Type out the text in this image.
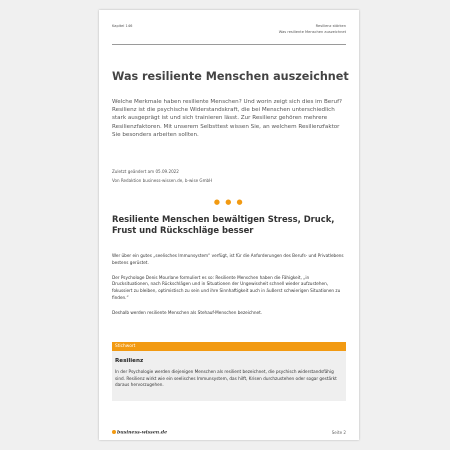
Kapitel 146	Resilienz stärken
Was resiliente Menschen auszeichnet
Was resiliente Menschen auszeichnet

Welche Merkmale haben resiliente Menschen? Und worin zeigt sich dies im Beruf? Resilienz ist die psychische Widerstandskraft, die bei Menschen unterschiedlich stark ausgeprägt ist und sich trainieren lässt. Zur Resilienz gehören mehrere Resilienzfaktoren. Mit unserem Selbsttest wissen Sie, an welchem Resilienzfaktor Sie besonders arbeiten sollten.

Zuletzt geändert am 05.09.2022
Von Redaktion business-wissen.de, b-wise GmbH
● ● ●
Resiliente Menschen bewältigen Stress, Druck, Frust und Rückschläge besser

Wer über ein gutes „seelisches Immunsystem“ verfügt, ist für die Anforderungen des Berufs- und Privatlebens bestens gerüstet.

Der Psychologe Denis Mourlane formuliert es so: Resiliente Menschen haben die Fähigkeit, „in Drucksituationen, nach Rückschlägen und in Situationen der Ungewissheit schnell wieder aufzustehen, fokussiert zu bleiben, optimistisch zu sein und ihre Sinnhaftigkeit auch in äußerst schwierigen Situationen zu finden.“

Deshalb werden resiliente Menschen als Stehauf-Menschen bezeichnet.

Stichwort
Resilienz
In der Psychologie werden diejenigen Menschen als resilient bezeichnet, die psychisch widerstandsfähig sind. Resilienz wirkt wie ein seelisches Immunsystem, das hilft, Krisen durchzustehen oder sogar gestärkt daraus hervorzugehen.
business-wissen.de	Seite 2
